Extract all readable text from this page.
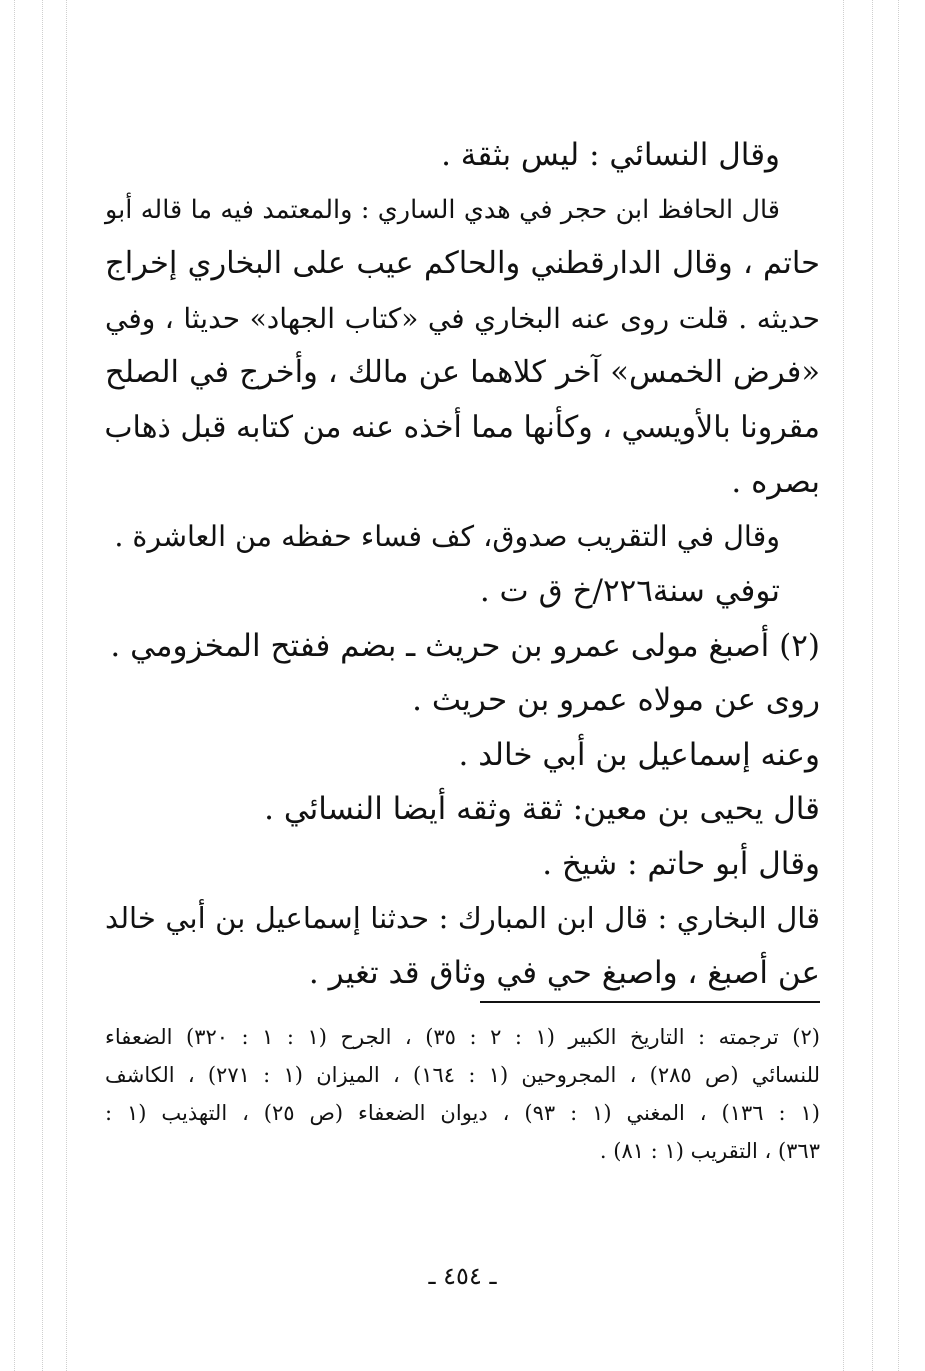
وقال النسائي : ليس بثقة .
قال الحافظ ابن حجر في هدي الساري : والمعتمد فيه ما قاله أبو
حاتم ، وقال الدارقطني والحاكم عيب على البخاري إخراج
حديثه . قلت روى عنه البخاري في «كتاب الجهاد» حديثا ، وفي
«فرض الخمس» آخر كلاهما عن مالك ، وأخرج في الصلح
مقرونا بالأويسي ، وكأنها مما أخذه عنه من كتابه قبل ذهاب
بصره .
وقال في التقريب صدوق، كف فساء حفظه من العاشرة .
توفي سنة٢٢٦/خ ق ت .
(٢) أصبغ مولى عمرو بن حريث ـ بضم ففتح المخزومي .
روى عن مولاه عمرو بن حريث .
وعنه إسماعيل بن أبي خالد .
قال يحيى بن معين: ثقة وثقه أيضا النسائي .
وقال أبو حاتم : شيخ .
قال البخاري : قال ابن المبارك : حدثنا إسماعيل بن أبي خالد
عن أصبغ ، واصبغ حي في وثاق قد تغير .
(٢) ترجمته : التاريخ الكبير (١ : ٢ : ٣٥) ، الجرح (١ : ١ : ٣٢٠) الضعفاء
للنسائي (ص ٢٨٥) ، المجروحين (١ : ١٦٤) ، الميزان (١ : ٢٧١) ، الكاشف
(١ : ١٣٦) ، المغني (١ : ٩٣) ، ديوان الضعفاء (ص ٢٥) ، التهذيب (١ :
٣٦٣) ، التقريب (١ : ٨١) .
ـ ٤٥٤ ـ
